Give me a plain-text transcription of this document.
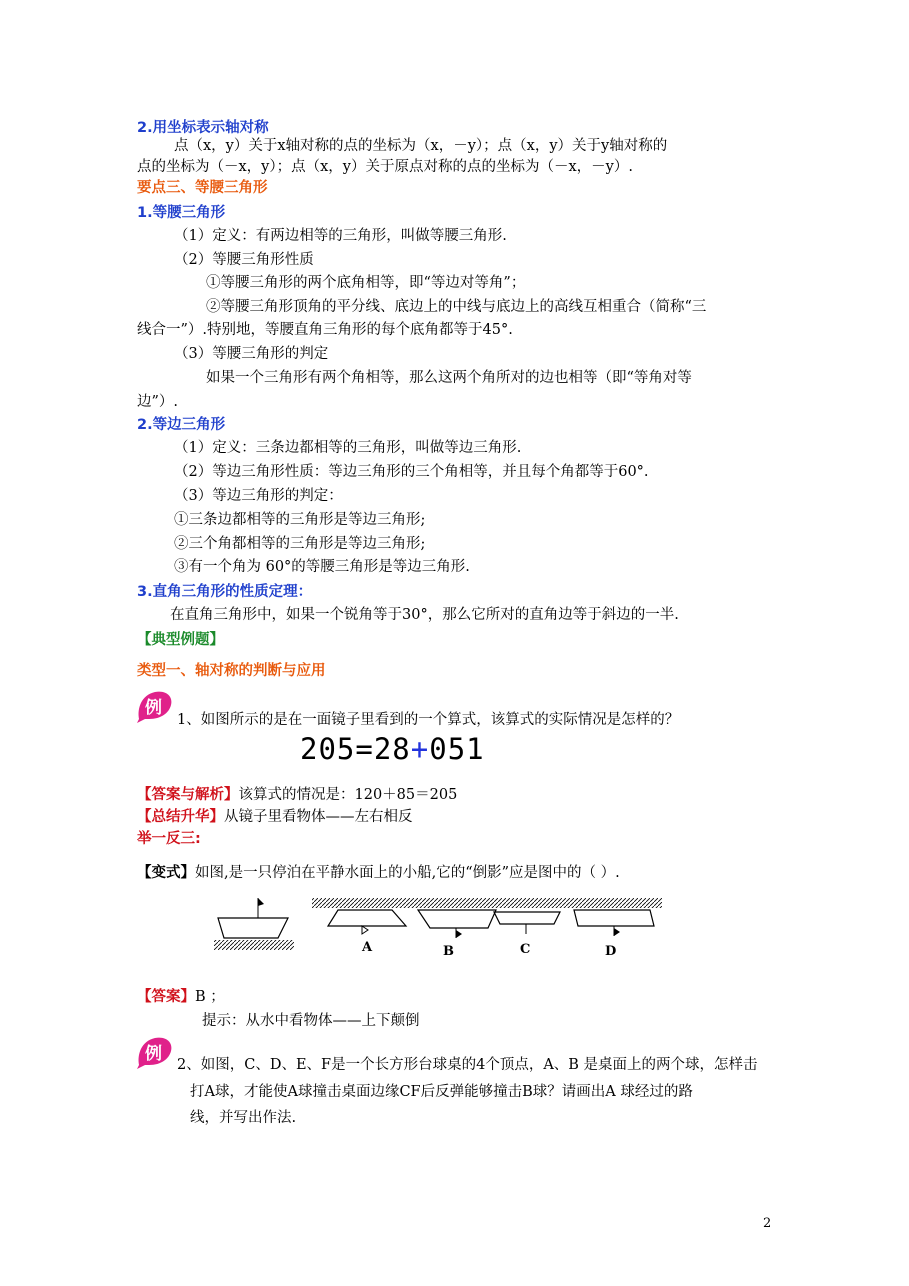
2.用坐标表示轴对称
点（x，y）关于x轴对称的点的坐标为（x，－y）；点（x，y）关于y轴对称的
点的坐标为（－x，y）；点（x，y）关于原点对称的点的坐标为（－x，－y）.
要点三、等腰三角形
1.等腰三角形
（1）定义：有两边相等的三角形，叫做等腰三角形.
（2）等腰三角形性质
①等腰三角形的两个底角相等，即“等边对等角”；
②等腰三角形顶角的平分线、底边上的中线与底边上的高线互相重合（简称“三
线合一”）.特别地，等腰直角三角形的每个底角都等于45°.
（3）等腰三角形的判定
如果一个三角形有两个角相等，那么这两个角所对的边也相等（即“等角对等
边”）.
2.等边三角形
（1）定义：三条边都相等的三角形，叫做等边三角形.
（2）等边三角形性质：等边三角形的三个角相等，并且每个角都等于60°.
（3）等边三角形的判定：
①三条边都相等的三角形是等边三角形;
②三个角都相等的三角形是等边三角形;
③有一个角为 60°的等腰三角形是等边三角形.
3.直角三角形的性质定理：
在直角三角形中，如果一个锐角等于30°，那么它所对的直角边等于斜边的一半.
【典型例题】
类型一、轴对称的判断与应用
例
1、如图所示的是在一面镜子里看到的一个算式，该算式的实际情况是怎样的？
205=28+051
【答案与解析】该算式的情况是：120＋85＝205
【总结升华】从镜子里看物体——左右相反
举一反三:
【变式】如图,是一只停泊在平静水面上的小船,它的“倒影”应是图中的（ ）.
A	B	C	D
【答案】B ；
提示：从水中看物体——上下颠倒
例
2、如图，C、D、E、F是一个长方形台球桌的4个顶点，A、B 是桌面上的两个球，怎样击
打A球，才能使A球撞击桌面边缘CF后反弹能够撞击B球？请画出A 球经过的路
线，并写出作法.
2
